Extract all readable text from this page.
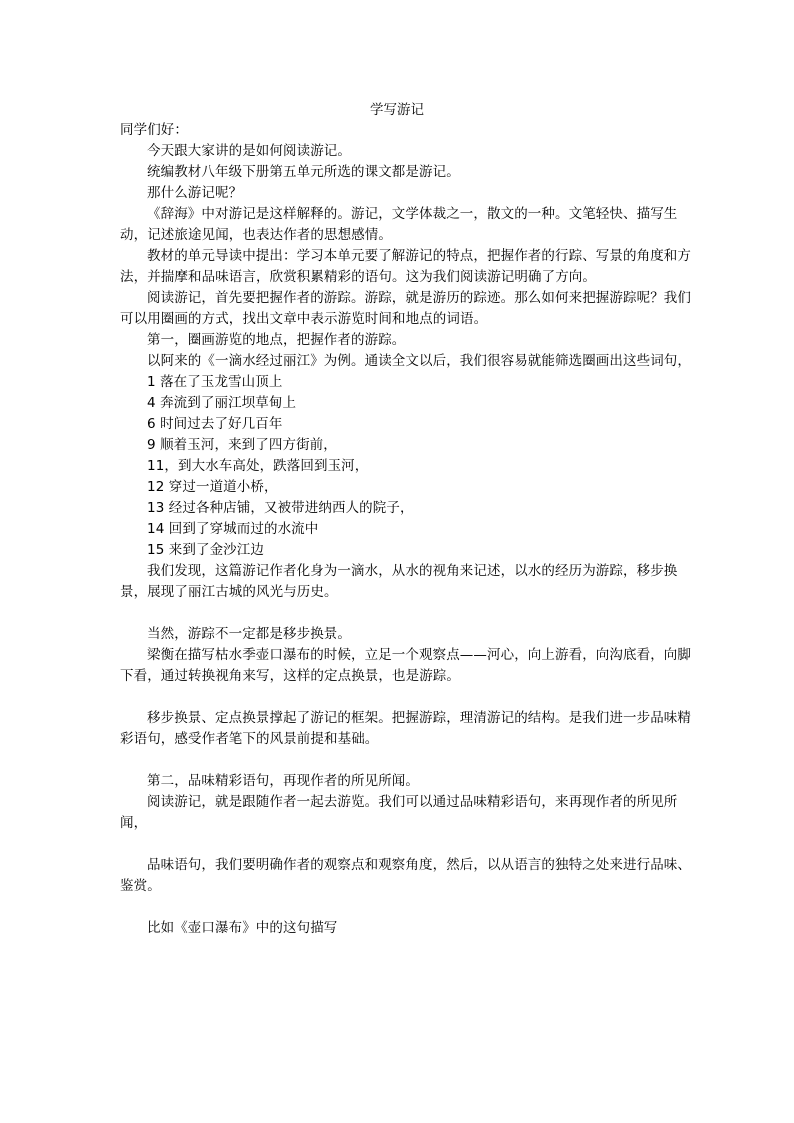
学写游记

同学们好：

今天跟大家讲的是如何阅读游记。

统编教材八年级下册第五单元所选的课文都是游记。

那什么游记呢？

《辞海》中对游记是这样解释的。游记，文学体裁之一，散文的一种。文笔轻快、描写生动，记述旅途见闻，也表达作者的思想感情。

教材的单元导读中提出：学习本单元要了解游记的特点，把握作者的行踪、写景的角度和方法，并揣摩和品味语言，欣赏积累精彩的语句。这为我们阅读游记明确了方向。

阅读游记，首先要把握作者的游踪。游踪，就是游历的踪迹。那么如何来把握游踪呢？我们可以用圈画的方式，找出文章中表示游览时间和地点的词语。

第一，圈画游览的地点，把握作者的游踪。

以阿来的《一滴水经过丽江》为例。通读全文以后，我们很容易就能筛选圈画出这些词句，

1 落在了玉龙雪山顶上

4 奔流到了丽江坝草甸上

6 时间过去了好几百年

9 顺着玉河，来到了四方街前，

11，到大水车高处，跌落回到玉河，

12 穿过一道道小桥，

13 经过各种店铺，又被带进纳西人的院子，

14 回到了穿城而过的水流中

15 来到了金沙江边

我们发现，这篇游记作者化身为一滴水，从水的视角来记述，以水的经历为游踪，移步换景，展现了丽江古城的风光与历史。

当然，游踪不一定都是移步换景。

梁衡在描写枯水季壶口瀑布的时候，立足一个观察点——河心，向上游看，向沟底看，向脚下看，通过转换视角来写，这样的定点换景，也是游踪。

移步换景、定点换景撑起了游记的框架。把握游踪，理清游记的结构。是我们进一步品味精彩语句，感受作者笔下的风景前提和基础。

第二，品味精彩语句，再现作者的所见所闻。

阅读游记，就是跟随作者一起去游览。我们可以通过品味精彩语句，来再现作者的所见所闻，

品味语句，我们要明确作者的观察点和观察角度，然后，以从语言的独特之处来进行品味、鉴赏。

比如《壶口瀑布》中的这句描写
